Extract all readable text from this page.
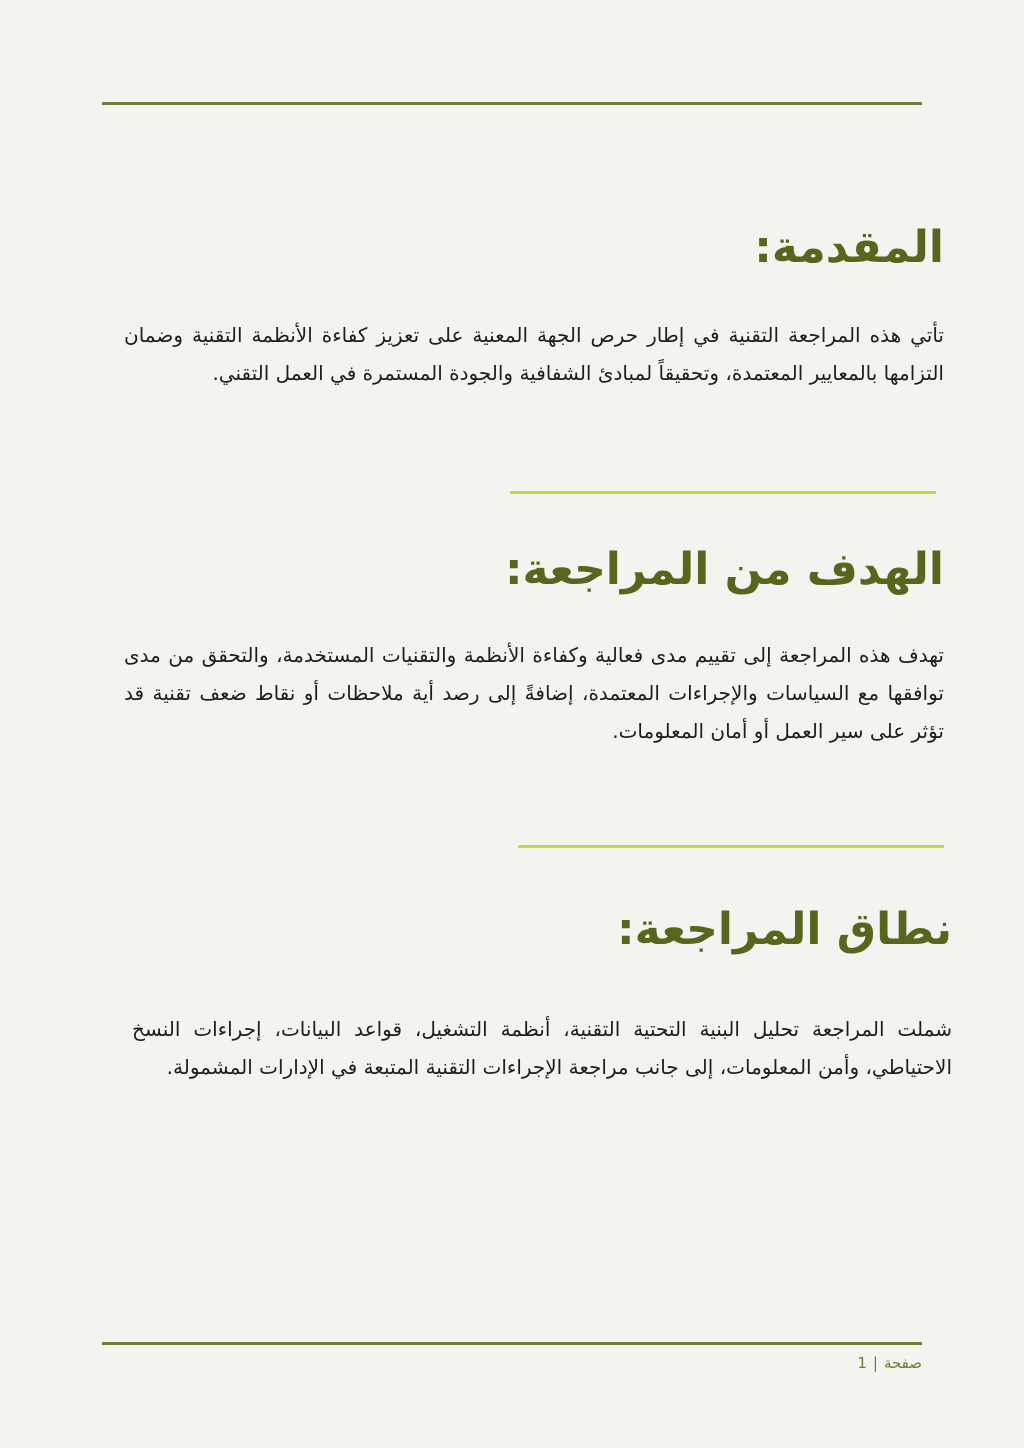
المقدمة:

تأتي هذه المراجعة التقنية في إطار حرص الجهة المعنية على تعزيز كفاءة الأنظمة التقنية وضمان التزامها بالمعايير المعتمدة، وتحقيقاً لمبادئ الشفافية والجودة المستمرة في العمل التقني.

الهدف من المراجعة:

تهدف هذه المراجعة إلى تقييم مدى فعالية وكفاءة الأنظمة والتقنيات المستخدمة، والتحقق من مدى توافقها مع السياسات والإجراءات المعتمدة، إضافةً إلى رصد أية ملاحظات أو نقاط ضعف تقنية قد تؤثر على سير العمل أو أمان المعلومات.

نطاق المراجعة:

شملت المراجعة تحليل البنية التحتية التقنية، أنظمة التشغيل، قواعد البيانات، إجراءات النسخ الاحتياطي، وأمن المعلومات، إلى جانب مراجعة الإجراءات التقنية المتبعة في الإدارات المشمولة.

صفحة|1
